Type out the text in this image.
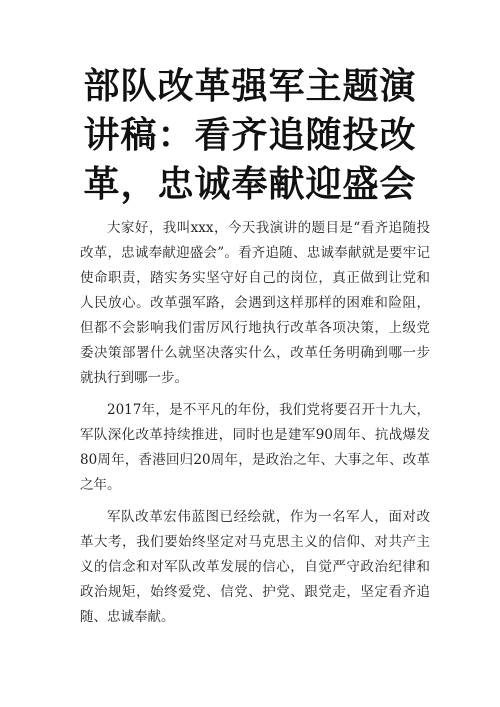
部队改革强军主题演讲稿：看齐追随投改革，忠诚奉献迎盛会

大家好，我叫xxx，今天我演讲的题目是“看齐追随投改革，忠诚奉献迎盛会”。看齐追随、忠诚奉献就是要牢记使命职责，踏实务实坚守好自己的岗位，真正做到让党和人民放心。改革强军路，会遇到这样那样的困难和险阻，但都不会影响我们雷厉风行地执行改革各项决策，上级党委决策部署什么就坚决落实什么，改革任务明确到哪一步就执行到哪一步。

2017年，是不平凡的年份，我们党将要召开十九大，军队深化改革持续推进，同时也是建军90周年、抗战爆发80周年，香港回归20周年，是政治之年、大事之年、改革之年。

军队改革宏伟蓝图已经绘就，作为一名军人，面对改革大考，我们要始终坚定对马克思主义的信仰、对共产主义的信念和对军队改革发展的信心，自觉严守政治纪律和政治规矩，始终爱党、信党、护党、跟党走，坚定看齐追随、忠诚奉献。
